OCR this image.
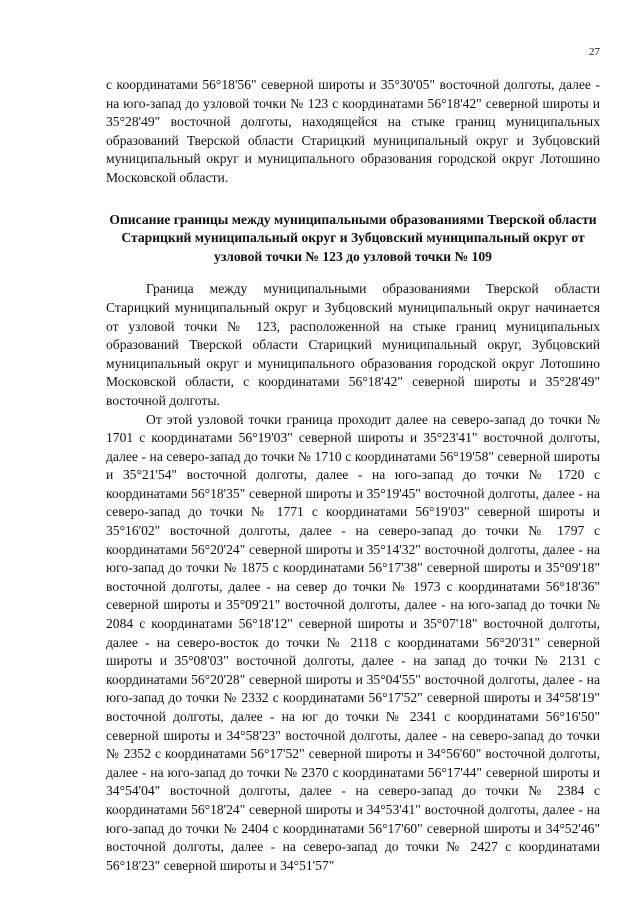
27

с координатами 56°18'56" северной широты и 35°30'05" восточной долготы, далее - на юго-запад до узловой точки № 123 с координатами 56°18'42" северной широты и 35°28'49" восточной долготы, находящейся на стыке границ муниципальных образований Тверской области Старицкий муниципальный округ и Зубцовский муниципальный округ и муниципального образования городской округ Лотошино Московской области.

Описание границы между муниципальными образованиями Тверской области Старицкий муниципальный округ и Зубцовский муниципальный округ от узловой точки № 123 до узловой точки № 109

Граница между муниципальными образованиями Тверской области Старицкий муниципальный округ и Зубцовский муниципальный округ начинается от узловой точки № 123, расположенной на стыке границ муниципальных образований Тверской области Старицкий муниципальный округ, Зубцовский муниципальный округ и муниципального образования городской округ Лотошино Московской области, с координатами 56°18'42" северной широты и 35°28'49" восточной долготы.

От этой узловой точки граница проходит далее на северо-запад до точки № 1701 с координатами 56°19'03" северной широты и 35°23'41" восточной долготы, далее - на северо-запад до точки № 1710 с координатами 56°19'58" северной широты и 35°21'54" восточной долготы, далее - на юго-запад до точки № 1720 с координатами 56°18'35" северной широты и 35°19'45" восточной долготы, далее - на северо-запад до точки № 1771 с координатами 56°19'03" северной широты и 35°16'02" восточной долготы, далее - на северо-запад до точки № 1797 с координатами 56°20'24" северной широты и 35°14'32" восточной долготы, далее - на юго-запад до точки № 1875 с координатами 56°17'38" северной широты и 35°09'18" восточной долготы, далее - на север до точки № 1973 с координатами 56°18'36" северной широты и 35°09'21" восточной долготы, далее - на юго-запад до точки № 2084 с координатами 56°18'12" северной широты и 35°07'18" восточной долготы, далее - на северо-восток до точки № 2118 с координатами 56°20'31" северной широты и 35°08'03" восточной долготы, далее - на запад до точки № 2131 с координатами 56°20'28" северной широты и 35°04'55" восточной долготы, далее - на юго-запад до точки № 2332 с координатами 56°17'52" северной широты и 34°58'19" восточной долготы, далее - на юг до точки № 2341 с координатами 56°16'50" северной широты и 34°58'23" восточной долготы, далее - на северо-запад до точки № 2352 с координатами 56°17'52" северной широты и 34°56'60" восточной долготы, далее - на юго-запад до точки № 2370 с координатами 56°17'44" северной широты и 34°54'04" восточной долготы, далее - на северо-запад до точки № 2384 с координатами 56°18'24" северной широты и 34°53'41" восточной долготы, далее - на юго-запад до точки № 2404 с координатами 56°17'60" северной широты и 34°52'46" восточной долготы, далее - на северо-запад до точки № 2427 с координатами 56°18'23" северной широты и 34°51'57"
